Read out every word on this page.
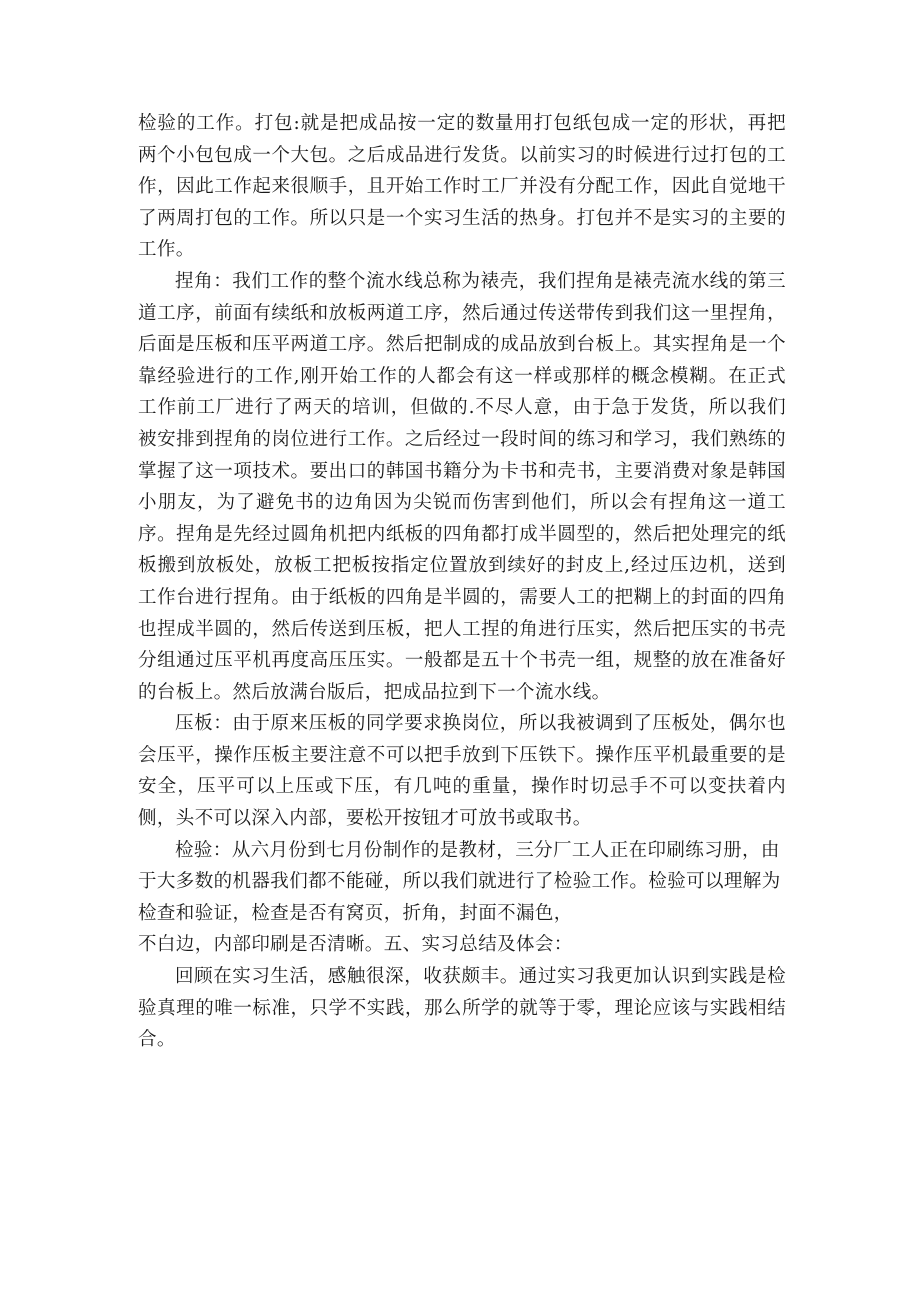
检验的工作。打包:就是把成品按一定的数量用打包纸包成一定的形状，再把两个小包包成一个大包。之后成品进行发货。以前实习的时候进行过打包的工作，因此工作起来很顺手，且开始工作时工厂并没有分配工作，因此自觉地干了两周打包的工作。所以只是一个实习生活的热身。打包并不是实习的主要的工作。

捏角：我们工作的整个流水线总称为裱壳，我们捏角是裱壳流水线的第三道工序，前面有续纸和放板两道工序，然后通过传送带传到我们这一里捏角，后面是压板和压平两道工序。然后把制成的成品放到台板上。其实捏角是一个靠经验进行的工作,刚开始工作的人都会有这一样或那样的概念模糊。在正式工作前工厂进行了两天的培训，但做的.不尽人意，由于急于发货，所以我们被安排到捏角的岗位进行工作。之后经过一段时间的练习和学习，我们熟练的掌握了这一项技术。要出口的韩国书籍分为卡书和壳书，主要消费对象是韩国小朋友，为了避免书的边角因为尖锐而伤害到他们，所以会有捏角这一道工序。捏角是先经过圆角机把内纸板的四角都打成半圆型的，然后把处理完的纸板搬到放板处，放板工把板按指定位置放到续好的封皮上,经过压边机，送到工作台进行捏角。由于纸板的四角是半圆的，需要人工的把糊上的封面的四角也捏成半圆的，然后传送到压板，把人工捏的角进行压实，然后把压实的书壳分组通过压平机再度高压压实。一般都是五十个书壳一组，规整的放在准备好的台板上。然后放满台版后，把成品拉到下一个流水线。

压板：由于原来压板的同学要求换岗位，所以我被调到了压板处，偶尔也会压平，操作压板主要注意不可以把手放到下压铁下。操作压平机最重要的是安全，压平可以上压或下压，有几吨的重量，操作时切忌手不可以变扶着内侧，头不可以深入内部，要松开按钮才可放书或取书。

检验：从六月份到七月份制作的是教材，三分厂工人正在印刷练习册，由于大多数的机器我们都不能碰，所以我们就进行了检验工作。检验可以理解为检查和验证，检查是否有窝页，折角，封面不漏色，

不白边，内部印刷是否清晰。五、实习总结及体会：

回顾在实习生活，感触很深，收获颇丰。通过实习我更加认识到实践是检验真理的唯一标准，只学不实践，那么所学的就等于零，理论应该与实践相结合。
